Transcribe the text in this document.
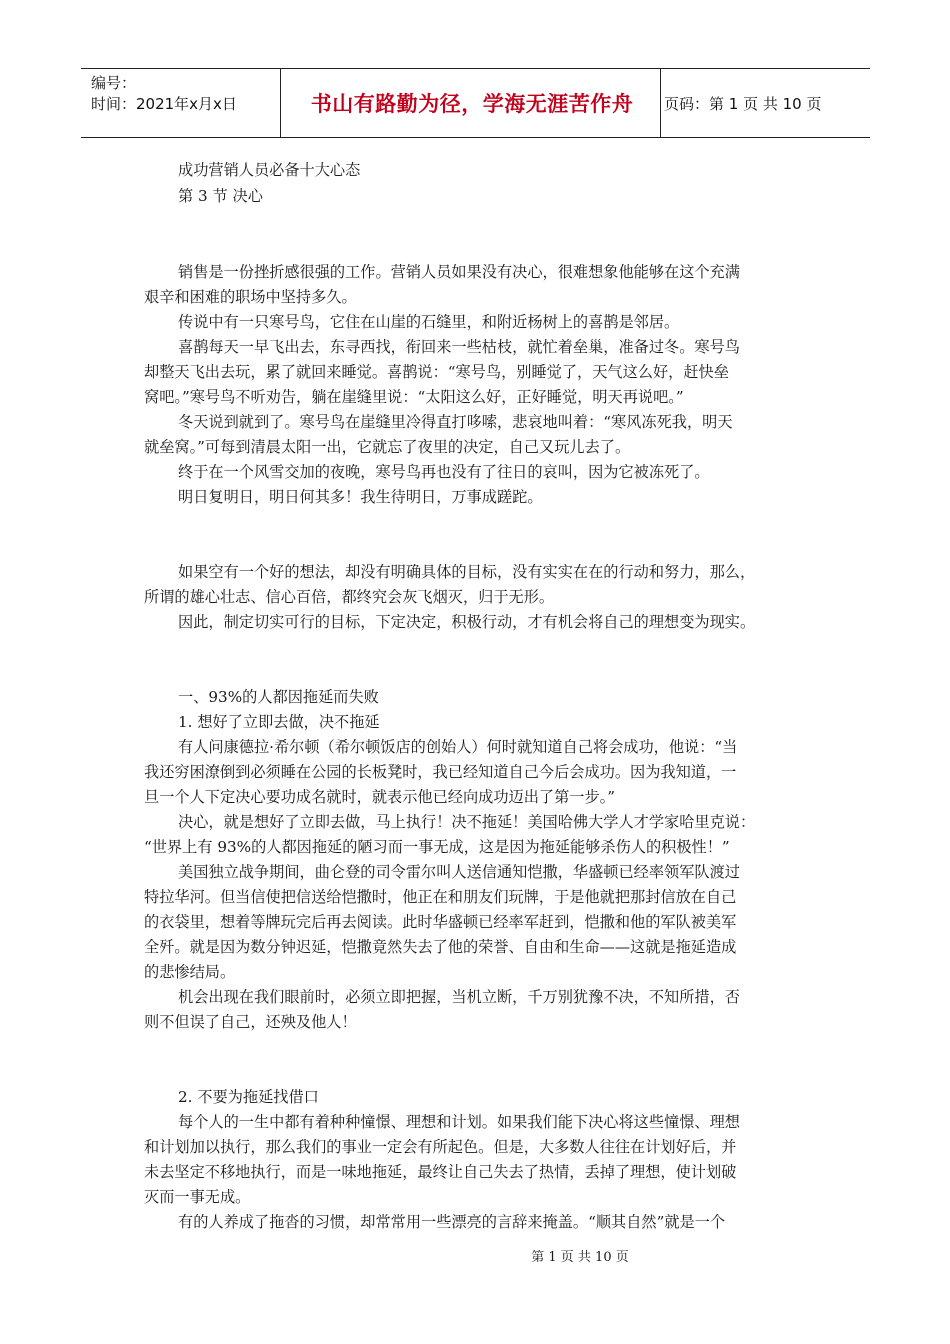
编号：
时间：2021年x月x日	书山有路勤为径，学海无涯苦作舟	页码：第 1 页 共 10 页
成功营销人员必备十大心态
第 3 节 决心
销售是一份挫折感很强的工作。营销人员如果没有决心，很难想象他能够在这个充满
艰辛和困难的职场中坚持多久。
传说中有一只寒号鸟，它住在山崖的石缝里，和附近杨树上的喜鹊是邻居。
喜鹊每天一早飞出去，东寻西找，衔回来一些枯枝，就忙着垒巢，准备过冬。寒号鸟
却整天飞出去玩，累了就回来睡觉。喜鹊说：“寒号鸟，别睡觉了，天气这么好，赶快垒
窝吧。”寒号鸟不听劝告，躺在崖缝里说：“太阳这么好，正好睡觉，明天再说吧。”
冬天说到就到了。寒号鸟在崖缝里冷得直打哆嗦，悲哀地叫着：“寒风冻死我，明天
就垒窝。”可每到清晨太阳一出，它就忘了夜里的决定，自己又玩儿去了。
终于在一个风雪交加的夜晚，寒号鸟再也没有了往日的哀叫，因为它被冻死了。
明日复明日，明日何其多！我生待明日，万事成蹉跎。
如果空有一个好的想法，却没有明确具体的目标，没有实实在在的行动和努力，那么，
所谓的雄心壮志、信心百倍，都终究会灰飞烟灭，归于无形。
因此，制定切实可行的目标，下定决定，积极行动，才有机会将自己的理想变为现实。
一、93%的人都因拖延而失败
1. 想好了立即去做，决不拖延
有人问康德拉·希尔顿（希尔顿饭店的创始人）何时就知道自己将会成功，他说：“当
我还穷困潦倒到必须睡在公园的长板凳时，我已经知道自己今后会成功。因为我知道，一
旦一个人下定决心要功成名就时，就表示他已经向成功迈出了第一步。”
决心，就是想好了立即去做，马上执行！决不拖延！美国哈佛大学人才学家哈里克说：
“世界上有 93%的人都因拖延的陋习而一事无成，这是因为拖延能够杀伤人的积极性！”
美国独立战争期间，曲仑登的司令雷尔叫人送信通知恺撒，华盛顿已经率领军队渡过
特拉华河。但当信使把信送给恺撒时，他正在和朋友们玩牌，于是他就把那封信放在自己
的衣袋里，想着等牌玩完后再去阅读。此时华盛顿已经率军赶到，恺撒和他的军队被美军
全歼。就是因为数分钟迟延，恺撒竟然失去了他的荣誉、自由和生命——这就是拖延造成
的悲惨结局。
机会出现在我们眼前时，必须立即把握，当机立断，千万别犹豫不决，不知所措，否
则不但误了自己，还殃及他人！
2. 不要为拖延找借口
每个人的一生中都有着种种憧憬、理想和计划。如果我们能下决心将这些憧憬、理想
和计划加以执行，那么我们的事业一定会有所起色。但是，大多数人往往在计划好后，并
未去坚定不移地执行，而是一味地拖延，最终让自己失去了热情，丢掉了理想，使计划破
灭而一事无成。
有的人养成了拖沓的习惯，却常常用一些漂亮的言辞来掩盖。“顺其自然”就是一个
第 1 页 共 10 页
